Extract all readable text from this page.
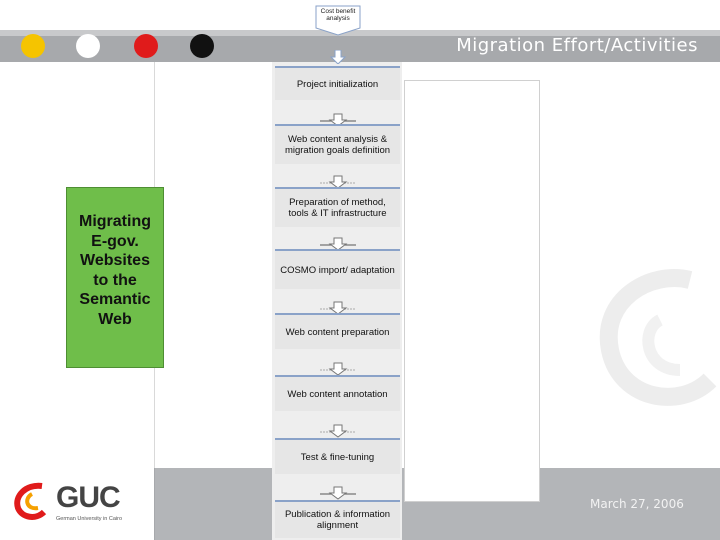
Migration Effort/Activities
GUC
German University in Cairo
March 27, 2006
Migrating
E-gov.
Websites
to the
Semantic
Web
Cost benefit analysis
Project initialization
Web content analysis & migration goals definition
Preparation of method, tools & IT infrastructure
COSMO import/ adaptation
Web content preparation
Web content annotation
Test & fine-tuning
Publication & information alignment
